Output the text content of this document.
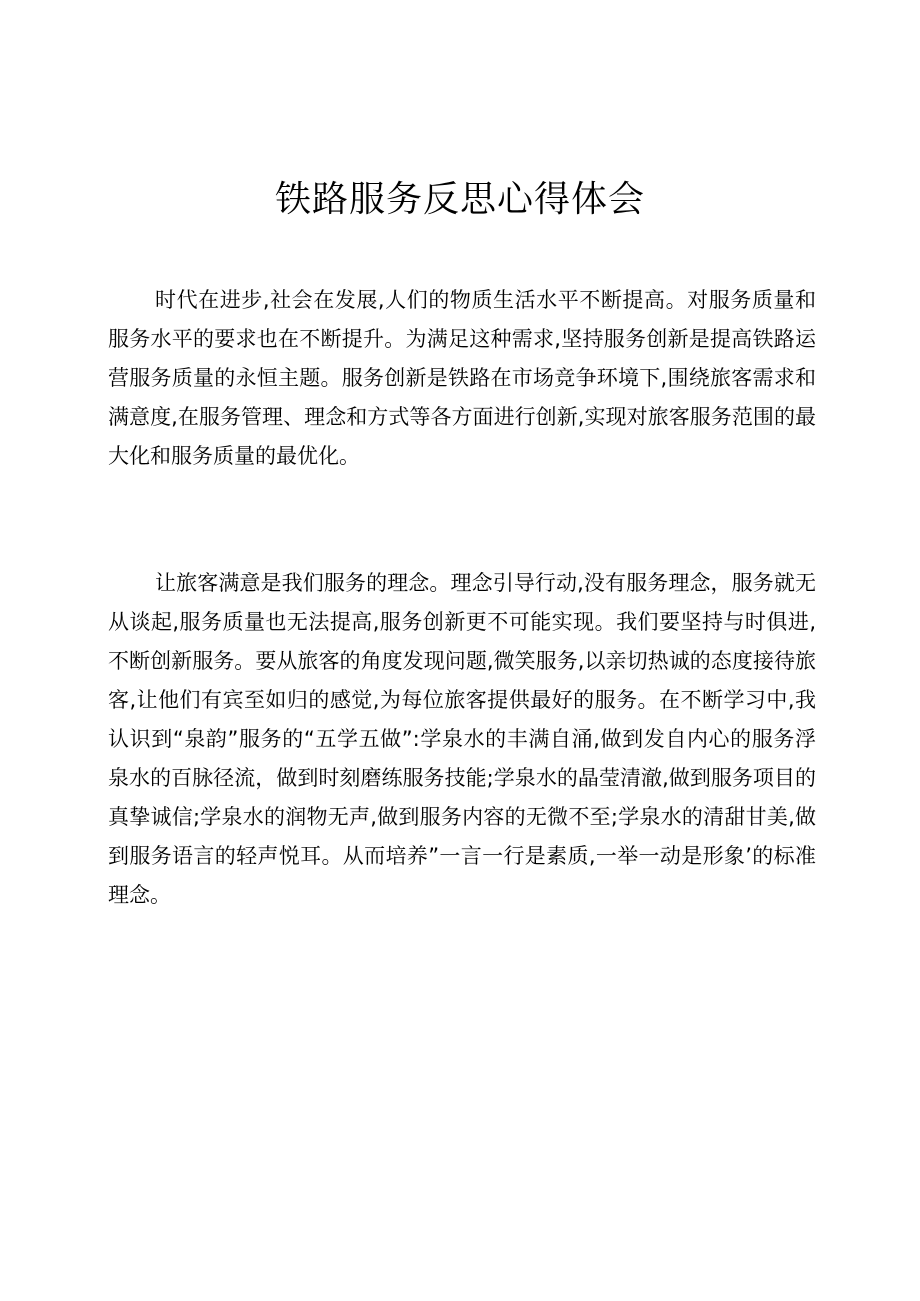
铁路服务反思心得体会

时代在进步,社会在发展,人们的物质生活水平不断提高。对服务质量和服务水平的要求也在不断提升。为满足这种需求,坚持服务创新是提高铁路运营服务质量的永恒主题。服务创新是铁路在市场竞争环境下,围绕旅客需求和满意度,在服务管理、理念和方式等各方面进行创新,实现对旅客服务范围的最大化和服务质量的最优化。

让旅客满意是我们服务的理念。理念引导行动,没有服务理念，服务就无从谈起,服务质量也无法提高,服务创新更不可能实现。我们要坚持与时俱进,不断创新服务。要从旅客的角度发现问题,微笑服务,以亲切热诚的态度接待旅客,让他们有宾至如归的感觉,为每位旅客提供最好的服务。在不断学习中,我认识到“泉韵”服务的“五学五做”:学泉水的丰满自涌,做到发自内心的服务浮泉水的百脉径流，做到时刻磨练服务技能;学泉水的晶莹清澈,做到服务项目的真挚诚信;学泉水的润物无声,做到服务内容的无微不至;学泉水的清甜甘美,做到服务语言的轻声悦耳。从而培养”一言一行是素质,一举一动是形象’的标准理念。
